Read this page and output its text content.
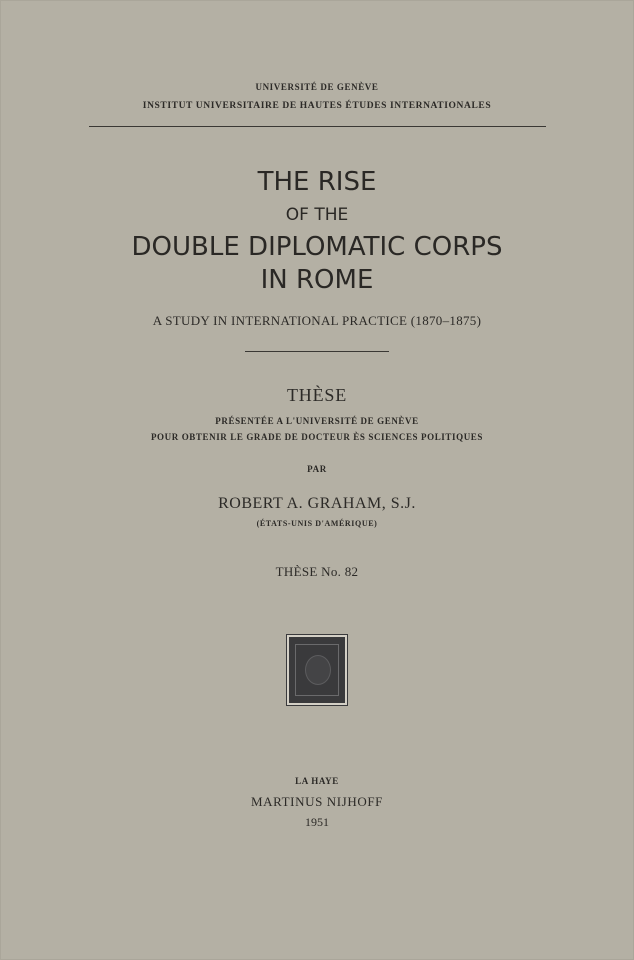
UNIVERSITÉ DE GENÈVE
INSTITUT UNIVERSITAIRE DE HAUTES ÉTUDES INTERNATIONALES
THE RISE
OF THE
DOUBLE DIPLOMATIC CORPS
IN ROME
A STUDY IN INTERNATIONAL PRACTICE (1870–1875)
THÈSE
PRÉSENTÉE A L'UNIVERSITÉ DE GENÈVE
POUR OBTENIR LE GRADE DE DOCTEUR ÈS SCIENCES POLITIQUES
PAR
ROBERT A. GRAHAM, S.J.
(ÉTATS-UNIS D'AMÉRIQUE)
THÈSE No. 82
LA HAYE
MARTINUS NIJHOFF
1951
